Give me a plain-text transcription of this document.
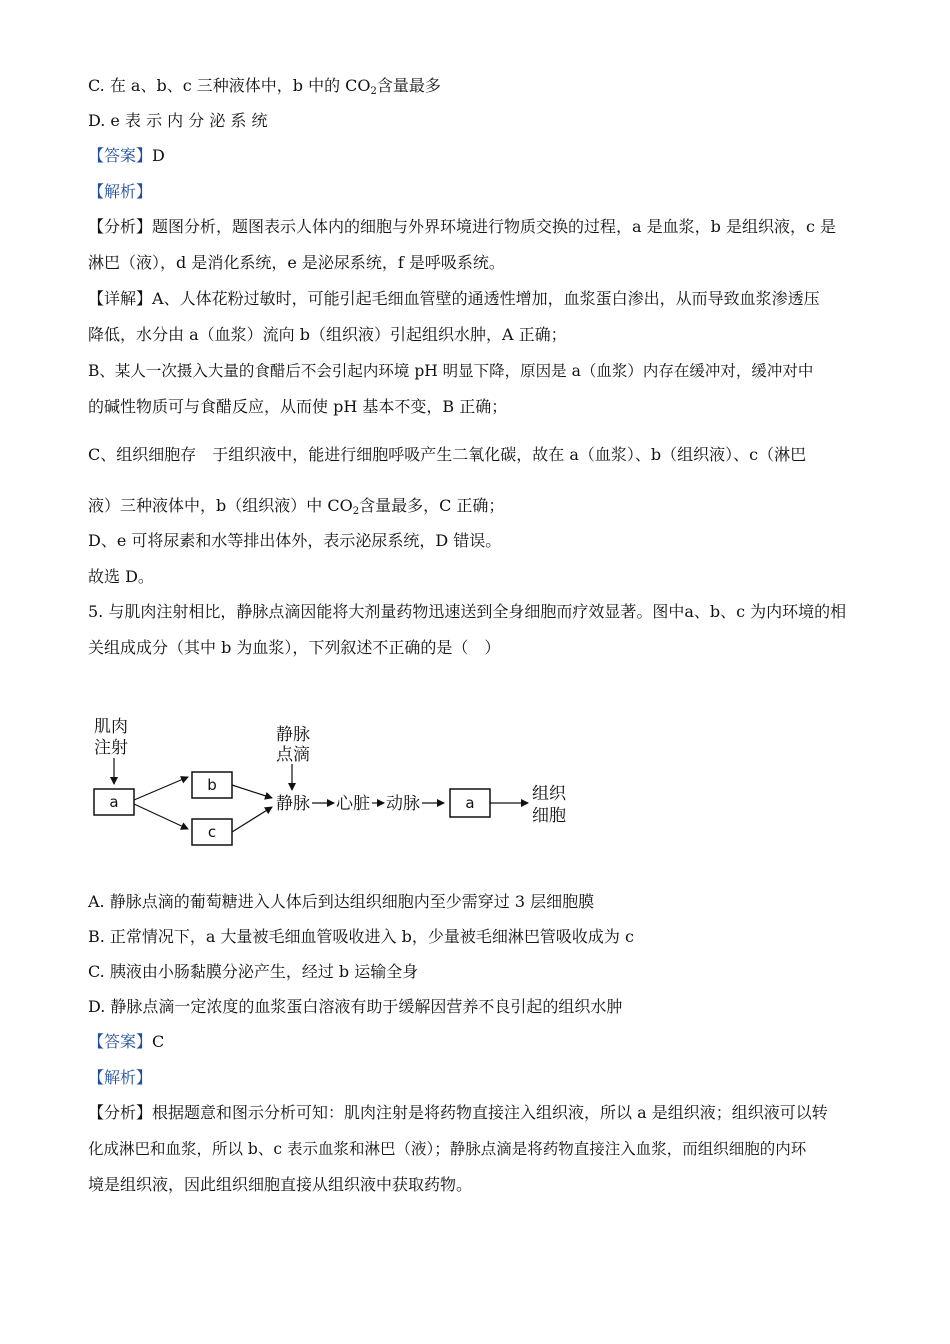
C. 在 a、b、c 三种液体中，b 中的 $CO_2$含量最多
D. e 表 示 内 分 泌 系 统
【答案】D
【解析】
【分析】题图分析，题图表示人体内的细胞与外界环境进行物质交换的过程，a 是血浆，b 是组织液，c 是
淋巴（液），d 是消化系统，e 是泌尿系统，f 是呼吸系统。
【详解】A、人体花粉过敏时，可能引起毛细血管壁的通透性增加，血浆蛋白渗出，从而导致血浆渗透压
降低，水分由 a（血浆）流向 b（组织液）引起组织水肿，A 正确；
B、某人一次摄入大量的食醋后不会引起内环境 pH 明显下降，原因是 a（血浆）内存在缓冲对，缓冲对中
的碱性物质可与食醋反应，从而使 pH 基本不变，B 正确；
C、组织细胞存　于组织液中，能进行细胞呼吸产生二氧化碳，故在 a（血浆）、b（组织液）、c（淋巴
液）三种液体中，b（组织液）中 $CO_2$含量最多，C 正确；
D、e 可将尿素和水等排出体外，表示泌尿系统，D 错误。
故选 D。
5. 与肌肉注射相比，静脉点滴因能将大剂量药物迅速送到全身细胞而疗效显著。图中a、b、c 为内环境的相
关组成成分（其中 b 为血浆），下列叙述不正确的是（　）
肌肉
注射
a
b
c
静脉
点滴
静脉 心脏 动脉	a	组织
细胞
A. 静脉点滴的葡萄糖进入人体后到达组织细胞内至少需穿过 3 层细胞膜
B. 正常情况下，a 大量被毛细血管吸收进入 b，少量被毛细淋巴管吸收成为 c
C. 胰液由小肠黏膜分泌产生，经过 b 运输全身
D. 静脉点滴一定浓度的血浆蛋白溶液有助于缓解因营养不良引起的组织水肿
【答案】C
【解析】
【分析】根据题意和图示分析可知：肌肉注射是将药物直接注入组织液，所以 a 是组织液；组织液可以转
化成淋巴和血浆，所以 b、c 表示血浆和淋巴（液）；静脉点滴是将药物直接注入血浆，而组织细胞的内环
境是组织液，因此组织细胞直接从组织液中获取药物。
